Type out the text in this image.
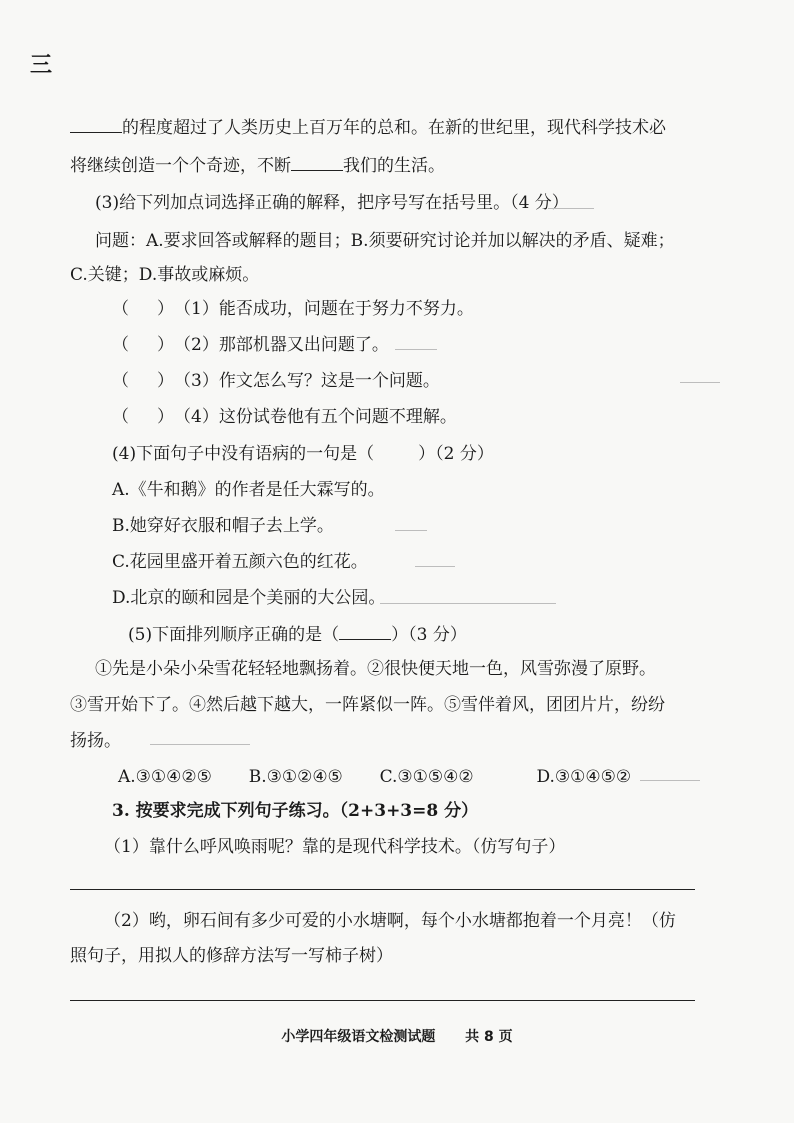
三
的程度超过了人类历史上百万年的总和。在新的世纪里，现代科学技术必
将继续创造一个个奇迹，不断	我们的生活。
(3)给下列加点词选择正确的解释，把序号写在括号里。（4 分）
问题：A.要求回答或解释的题目；B.须要研究讨论并加以解决的矛盾、疑难；
C.关键；D.事故或麻烦。
（ ）（1）能否成功，问题在于努力不努力。
（ ）（2）那部机器又出问题了。
（ ）（3）作文怎么写？这是一个问题。
（ ）（4）这份试卷他有五个问题不理解。
(4)下面句子中没有语病的一句是（	）（2 分）
A.《牛和鹅》的作者是任大霖写的。
B.她穿好衣服和帽子去上学。
C.花园里盛开着五颜六色的红花。
D.北京的颐和园是个美丽的大公园。
(5)下面排列顺序正确的是（	）（3 分）
①先是小朵小朵雪花轻轻地飘扬着。②很快便天地一色，风雪弥漫了原野。
③雪开始下了。④然后越下越大，一阵紧似一阵。⑤雪伴着风，团团片片，纷纷
扬扬。
A.③①④②⑤ B.③①②④⑤ C.③①⑤④②	D.③①④⑤②
3. 按要求完成下列句子练习。（2+3+3=8 分）
（1）靠什么呼风唤雨呢？靠的是现代科学技术。（仿写句子）
（2）哟，卵石间有多少可爱的小水塘啊，每个小水塘都抱着一个月亮！（仿
照句子，用拟人的修辞方法写一写柿子树）
小学四年级语文检测试题 共 8 页
